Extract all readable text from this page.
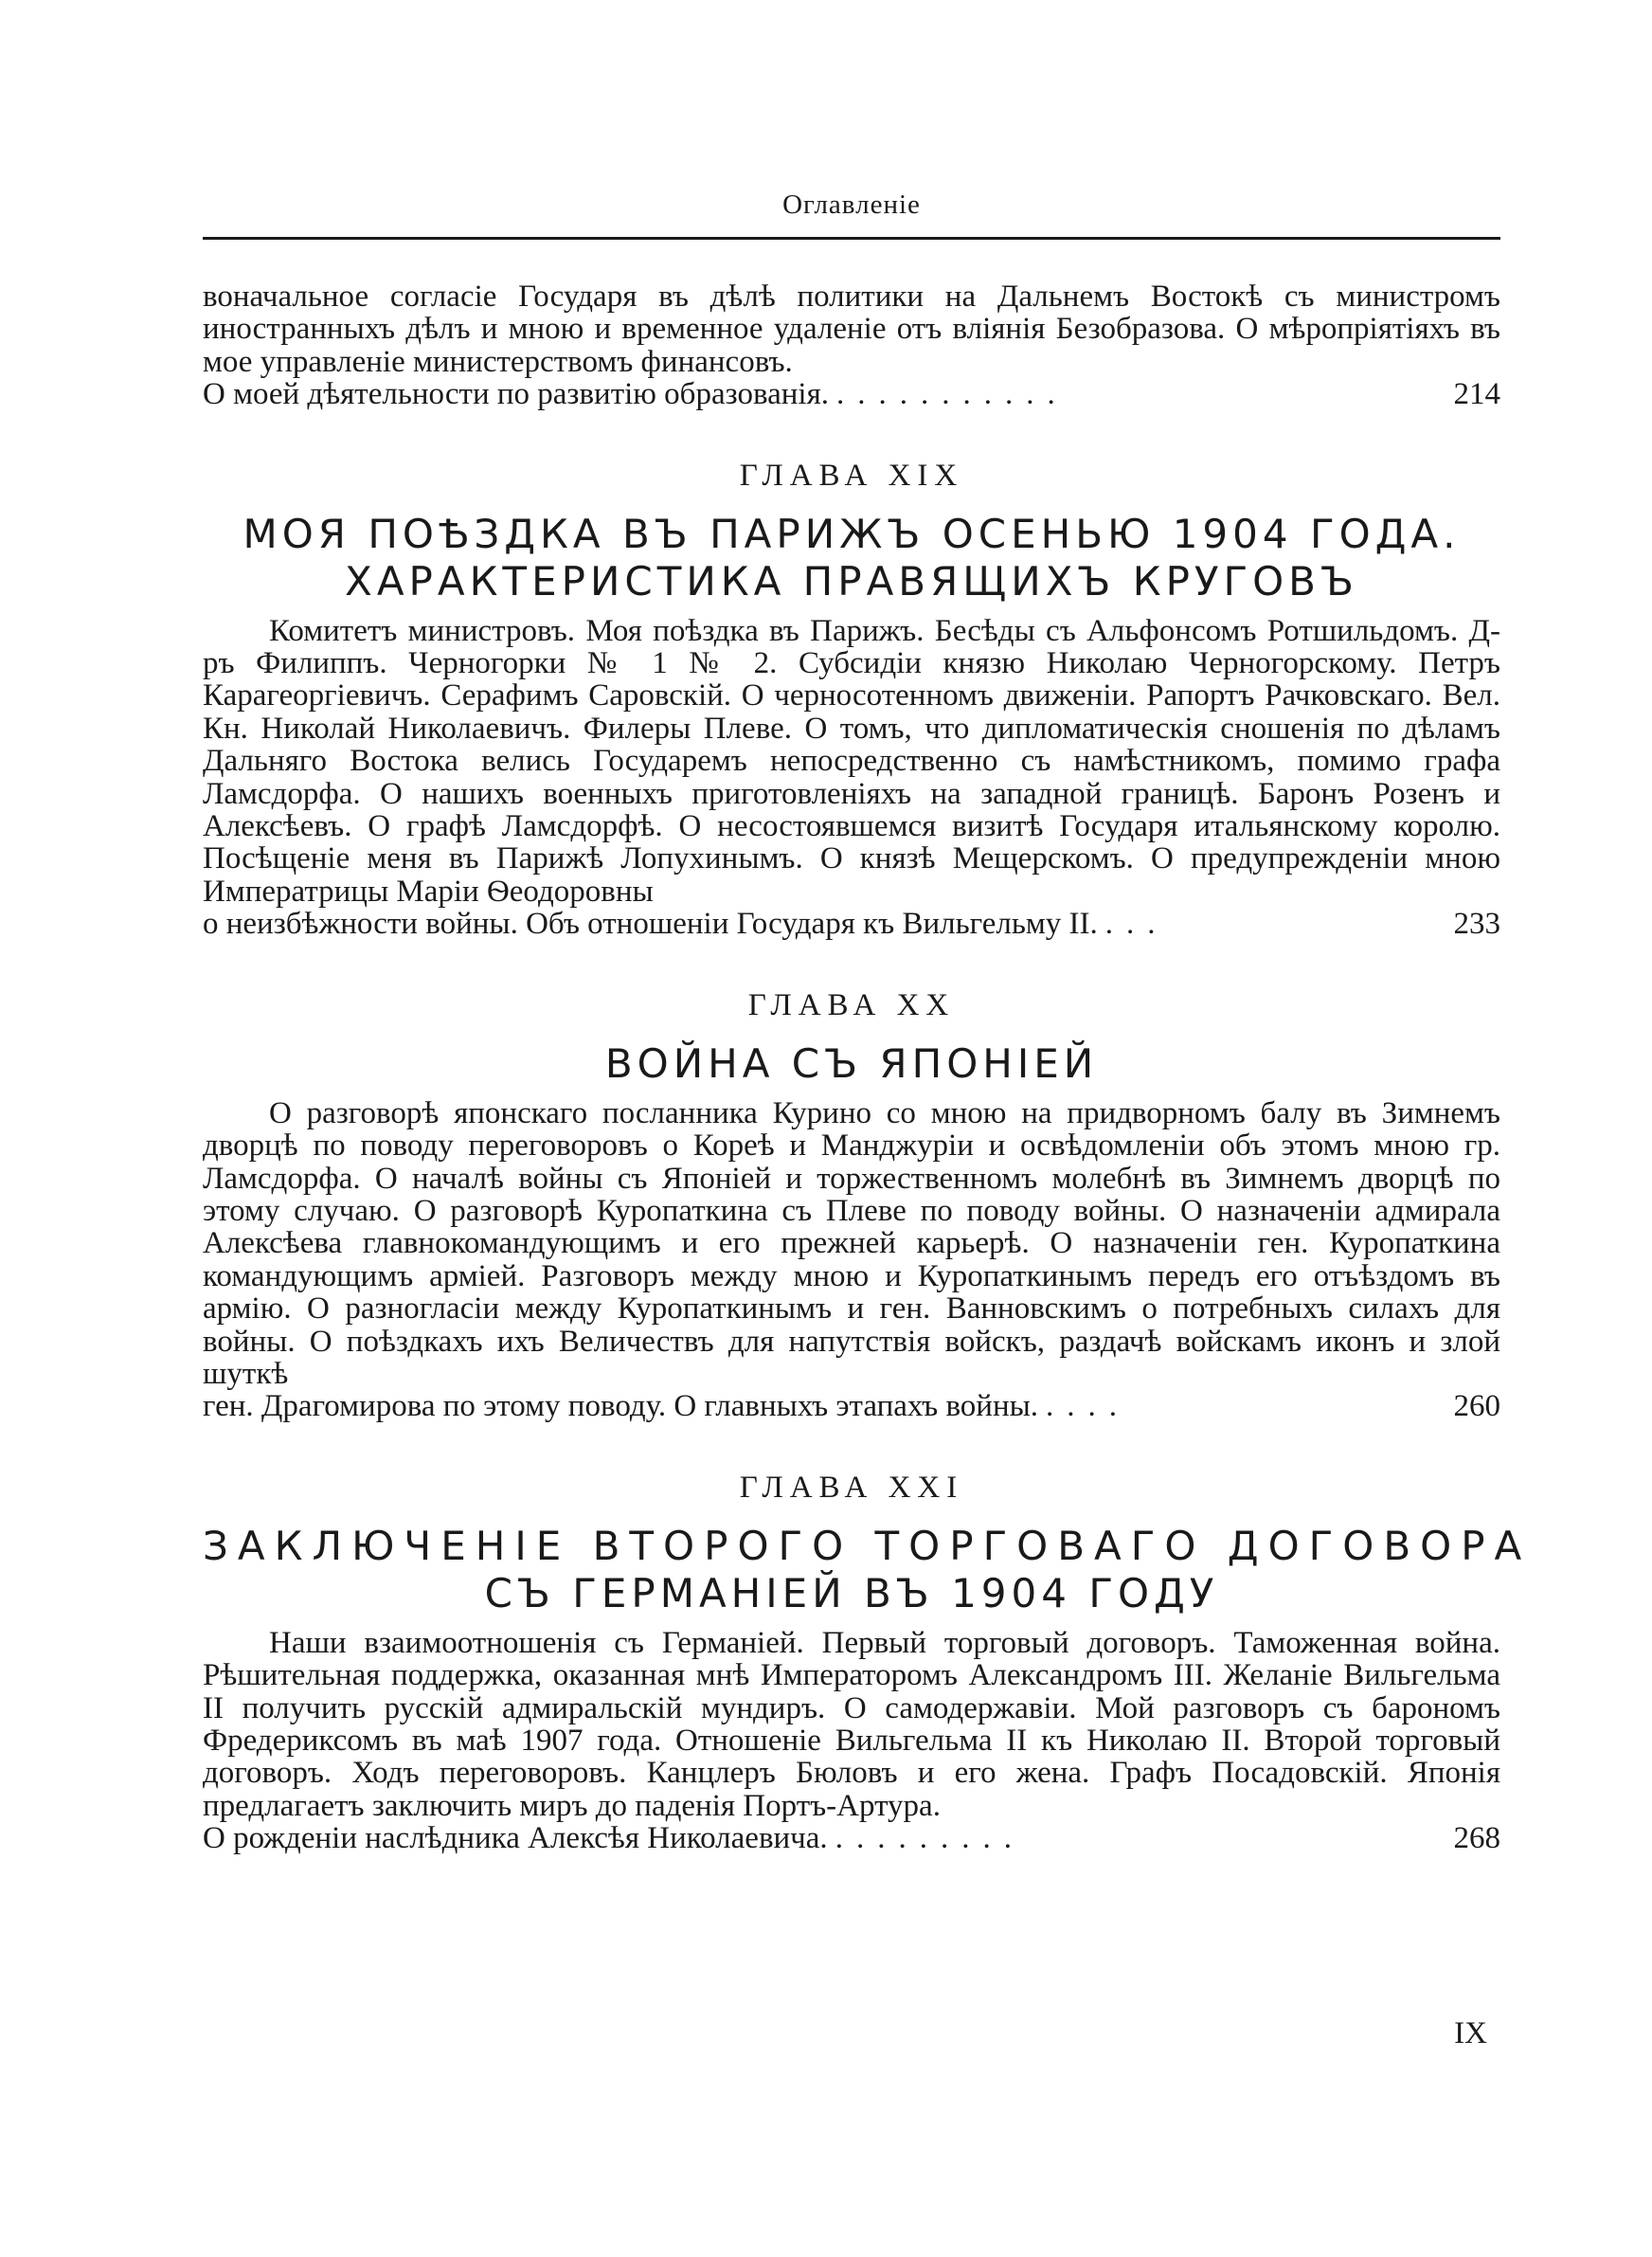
Оглавленіе
воначальное согласіе Государя въ дѣлѣ политики на Дальнемъ Востокѣ съ министромъ иностранныхъ дѣлъ и мною и временное удаленіе отъ вліянія Безобразова. О мѣропріятіяхъ въ мое управленіе министерствомъ финансовъ.
О моей дѣятельности по развитію образованія. ...........	214
ГЛАВА XIX
МОЯ ПОѢЗДКА ВЪ ПАРИЖЪ ОСЕНЬЮ 1904 ГОДА.
ХАРАКТЕРИСТИКА ПРАВЯЩИХЪ КРУГОВЪ
Комитетъ министровъ. Моя поѣздка въ Парижъ. Бесѣды съ Альфонсомъ Ротшильдомъ. Д-ръ Филиппъ. Черногорки № 1 № 2. Субсидіи князю Николаю Черногорскому. Петръ Карагеоргіевичъ. Серафимъ Саровскій. О черносотенномъ движеніи. Рапортъ Рачковскаго. Вел. Кн. Николай Николаевичъ. Филеры Плеве. О томъ, что дипломатическія сношенія по дѣламъ Дальняго Востока велись Государемъ непосредственно съ намѣстникомъ, помимо графа Ламсдорфа. О нашихъ военныхъ приготовленіяхъ на западной границѣ. Баронъ Розенъ и Алексѣевъ. О графѣ Ламсдорфѣ. О несостоявшемся визитѣ Государя итальянскому королю. Посѣщеніе меня въ Парижѣ Лопухинымъ. О князѣ Мещерскомъ. О предупрежденіи мною Императрицы Маріи Ѳеодоровны
о неизбѣжности войны. Объ отношеніи Государя къ Вильгельму II. ...	233
ГЛАВА XX
ВОЙНА СЪ ЯПОНІЕЙ
О разговорѣ японскаго посланника Курино со мною на придворномъ балу въ Зимнемъ дворцѣ по поводу переговоровъ о Кореѣ и Манджуріи и освѣдомленіи объ этомъ мною гр. Ламсдорфа. О началѣ войны съ Японіей и торжественномъ молебнѣ въ Зимнемъ дворцѣ по этому случаю. О разговорѣ Куропаткина съ Плеве по поводу войны. О назначеніи адмирала Алексѣева главнокомандующимъ и его прежней карьерѣ. О назначеніи ген. Куропаткина командующимъ арміей. Разговоръ между мною и Куропаткинымъ передъ его отъѣздомъ въ армію. О разногласіи между Куропаткинымъ и ген. Ванновскимъ о потребныхъ силахъ для войны. О поѣздкахъ ихъ Величествъ для напутствія войскъ, раздачѣ войскамъ иконъ и злой шуткѣ
ген. Драгомирова по этому поводу. О главныхъ этапахъ войны. ....	260
ГЛАВА XXI
ЗАКЛЮЧЕНІЕ ВТОРОГО ТОРГОВАГО ДОГОВОРА
СЪ ГЕРМАНІЕЙ ВЪ 1904 ГОДУ
Наши взаимоотношенія съ Германіей. Первый торговый договоръ. Таможенная война. Рѣшительная поддержка, оказанная мнѣ Императоромъ Александромъ III. Желаніе Вильгельма II получить русскій адмиральскій мундиръ. О самодержавіи. Мой разговоръ съ барономъ Фредериксомъ въ маѣ 1907 года. Отношеніе Вильгельма II къ Николаю II. Второй торговый договоръ. Ходъ переговоровъ. Канцлеръ Бюловъ и его жена. Графъ Посадовскій. Японія предлагаетъ заключить миръ до паденія Портъ-Артура.
О рожденіи наслѣдника Алексѣя Николаевича. .........	268
IX
